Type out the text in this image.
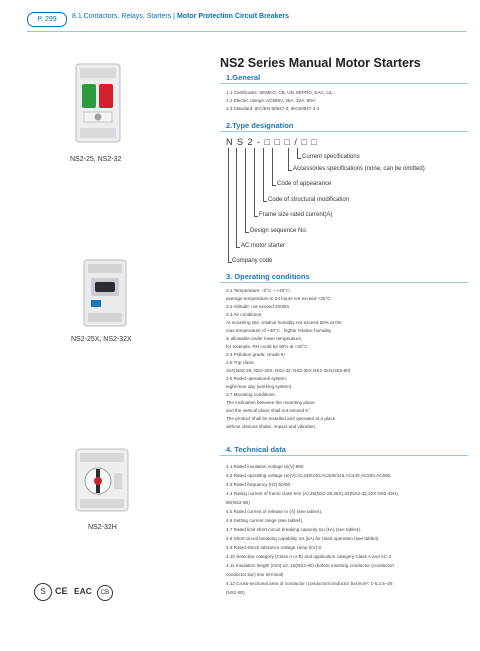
P. 299	8.1 Contactors, Relays, Starters | Motor Protection Circuit Breakers
NS2-25, NS2-32
NS2-25X, NS2-32X
NS2-32H
S	CE EAC	CB
NS2 Series Manual Motor Starters
1.General
1.1 Certificates: SEMKO, CB, Ukr SEPRO, EAC, UL;
1.2 Electric ratings: AC690V, 25A, 32A, 80A;
1.3 Standard: IEC/EN 60947-2, IEC60947-4-1
2.Type designation
N S 2 - □ □ □ / □ □
Current specifications
Accessories specifications (none, can be omitted)
Code of appearance
Code of structural modification
Frame size rated current(A)
Design sequence No.
AC motor starter
Company code
3. Operating conditions
3.1 Temperature: -5°C ~ +40°C,
average temperature in 24 hours not exceed +35°C
3.2 Altitude: not exceed 2000m
3.3 Air conditions:
At mounting site, relative humidity not exceed 50% at the
max temperature of +40°C , higher relative humidity
is allowable under lower temperature,
for example, RH could be 90% at +20°C
3.4 Pollution grade: Grade III
3.5 Trip class:
10A(NS2-25, NS2-25X, NS2-32, NS2-32X,NS2-32H,NS2-80)
3.6 Rated operational system:
eight-hour day (working system)
3.7 Mounting conditions:
The inclination between the mounting plane
and the vertical plane shall not exceed 5°.
The product shall be installed and operated at a place
without obvious shake, impact and vibration.
4. Technical data
4.1 Rated insulation voltage Ui(V):690
4.2 Rated operating voltage Ue(V):AC230/240,AC400/415,AC440,AC500,AC690.
4.3 Rated frequency (Hz):50/60.
4.4 Rating current of frame class Inm (A):25(NS2-25,25X),32(NS2-32,32X NS2-32H),
80(NS2-80)
4.5 Rated current of release In (A) (see table4).
4.6 Setting current range (see table4).
4.7 Rated limit short-circuit breaking capacity Icu (kA) (see table4).
4.8 Short circuit breaking capability Ics (kA) for rated operation (see table4).
4.9 Rated shock tolerance voltage Uimp (kV):8.
4.10 Selective category (Class A or B) and application category:Class A and AC-3
4.11 Insulation length (mm):10, 15(NS2-80) (before inserting conductor (conductor/
conductor bar) into terminal)
4.12 Cross-sectional area of conductor (conductor/conductor bar)mm²: 1-6,2.5~25
(NS2-80)
